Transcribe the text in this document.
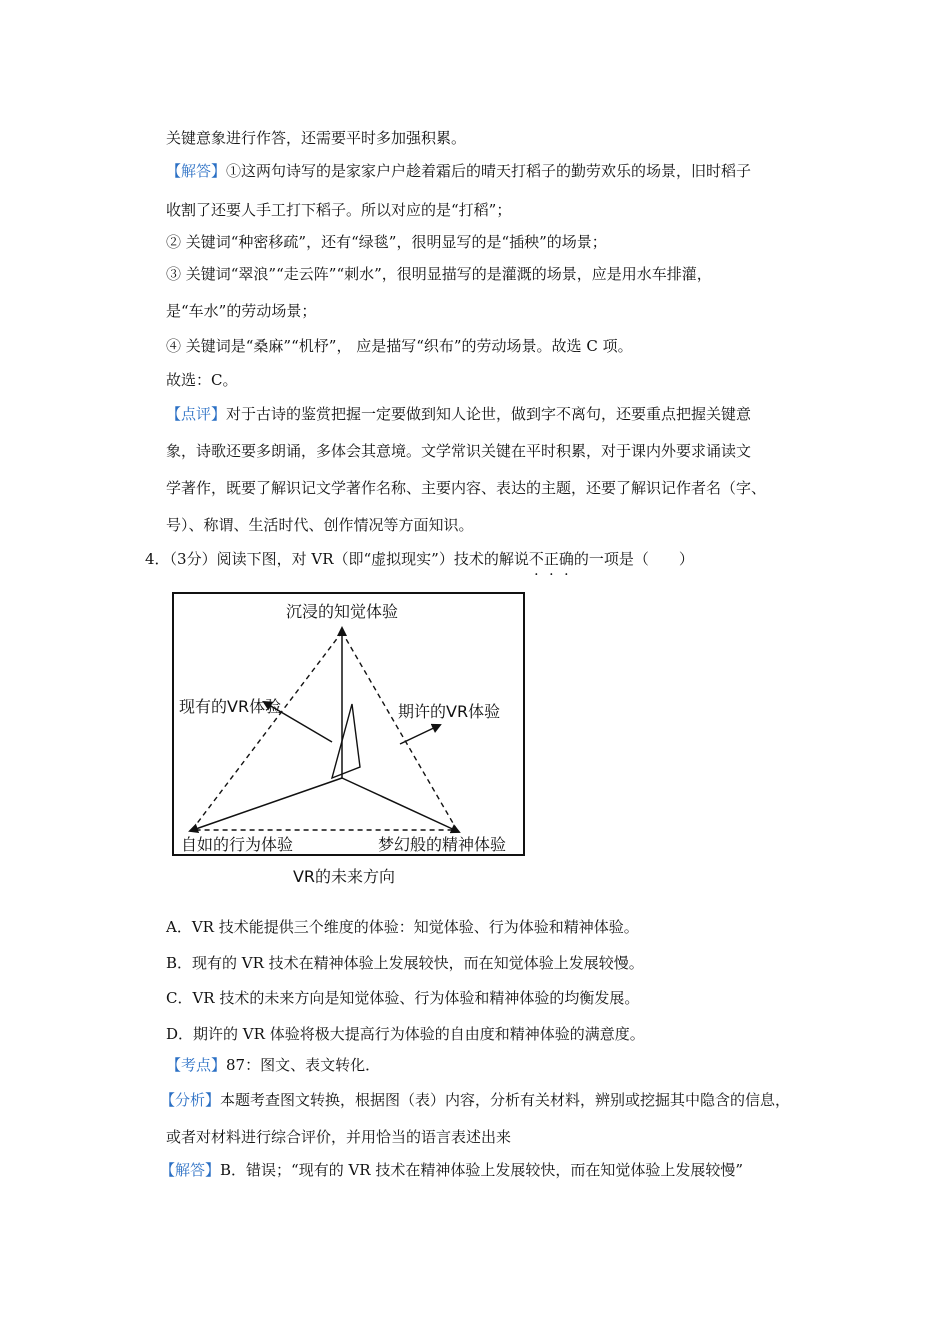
关键意象进行作答，还需要平时多加强积累。
【解答】①这两句诗写的是家家户户趁着霜后的晴天打稻子的勤劳欢乐的场景，旧时稻子
收割了还要人手工打下稻子。所以对应的是“打稻”；
② 关键词“种密移疏”，还有“绿毯”，很明显写的是“插秧”的场景；
③ 关键词“翠浪”“走云阵”“刺水”，很明显描写的是灌溉的场景，应是用水车排灌，
是“车水”的劳动场景；
④ 关键词是“桑麻”“机杼”， 应是描写“织布”的劳动场景。故选 C 项。
故选：C。
【点评】对于古诗的鉴赏把握一定要做到知人论世，做到字不离句，还要重点把握关键意
象，诗歌还要多朗诵，多体会其意境。文学常识关键在平时积累，对于课内外要求诵读文
学著作，既要了解识记文学著作名称、主要内容、表达的主题，还要了解识记作者名（字、
号）、称谓、生活时代、创作情况等方面知识。
4．（3分）阅读下图，对 VR（即“虚拟现实”）技术的解说不正确的一项是（　　）
沉浸的知觉体验
现有的VR体验	期许的VR体验
自如的行为体验	梦幻般的精神体验
VR的未来方向
A．VR 技术能提供三个维度的体验：知觉体验、行为体验和精神体验。
B．现有的 VR 技术在精神体验上发展较快，而在知觉体验上发展较慢。
C．VR 技术的未来方向是知觉体验、行为体验和精神体验的均衡发展。
D．期许的 VR 体验将极大提高行为体验的自由度和精神体验的满意度。
【考点】87：图文、表文转化．
【分析】本题考查图文转换，根据图（表）内容，分析有关材料，辨别或挖掘其中隐含的信息，
或者对材料进行综合评价，并用恰当的语言表述出来
【解答】B．错误；“现有的 VR 技术在精神体验上发展较快，而在知觉体验上发展较慢”
